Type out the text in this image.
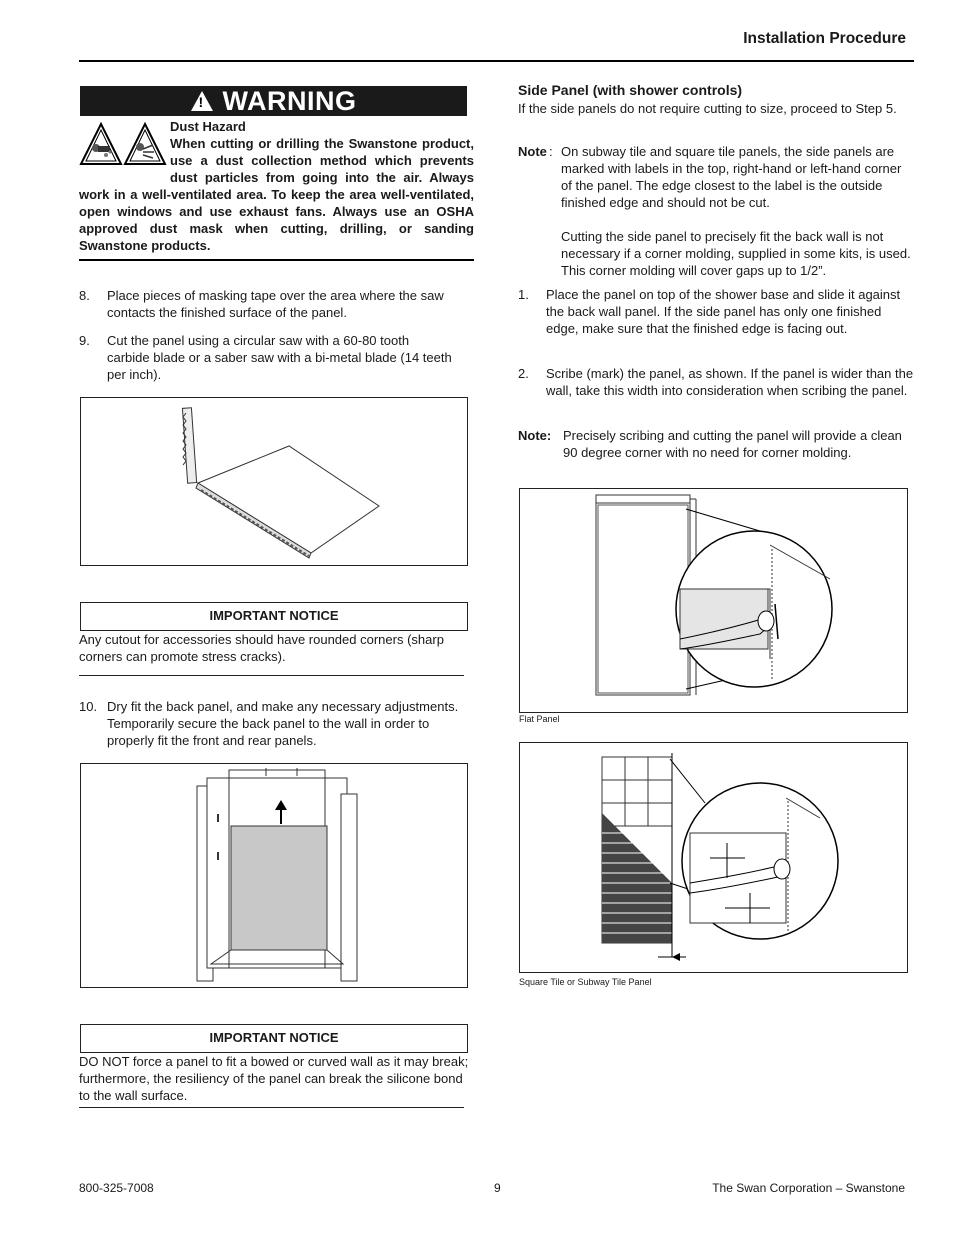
Installation Procedure
! WARNING
Dust Hazard
When cutting or drilling the Swanstone product, use a dust collection method which prevents dust particles from going into the air. Always work in a well-ventilated area. To keep the area well-ventilated, open windows and use exhaust fans. Always use an OSHA approved dust mask when cutting, drilling, or sanding Swanstone products.
8. Place pieces of masking tape over the area where the saw contacts the finished surface of the panel.
9. Cut the panel using a circular saw with a 60-80 tooth carbide blade or a saber saw with a bi-metal blade (14 teeth per inch).
IMPORTANT NOTICE
Any cutout for accessories should have rounded corners (sharp corners can promote stress cracks).
10. Dry fit the back panel, and make any necessary adjustments. Temporarily secure the back panel to the wall in order to properly fit the front and rear panels.
IMPORTANT NOTICE
DO NOT force a panel to fit a bowed or curved wall as it may break; furthermore, the resiliency of the panel can break the silicone bond to the wall surface.
Side Panel (with shower controls)
If the side panels do not require cutting to size, proceed to Step 5.
Note : On subway tile and square tile panels, the side panels are marked with labels in the top, right-hand or left-hand corner of the panel. The edge closest to the label is the outside finished edge and should not be cut.
Cutting the side panel to precisely fit the back wall is not necessary if a corner molding, supplied in some kits, is used. This corner molding will cover gaps up to 1/2”.
1. Place the panel on top of the shower base and slide it against the back wall panel. If the side panel has only one finished edge, make sure that the finished edge is facing out.
2. Scribe (mark) the panel, as shown. If the panel is wider than the wall, take this width into consideration when scribing the panel.
Note: Precisely scribing and cutting the panel will provide a clean 90 degree corner with no need for corner molding.
Flat Panel
Square Tile or Subway Tile Panel
800-325-7008	9	The Swan Corporation – Swanstone
